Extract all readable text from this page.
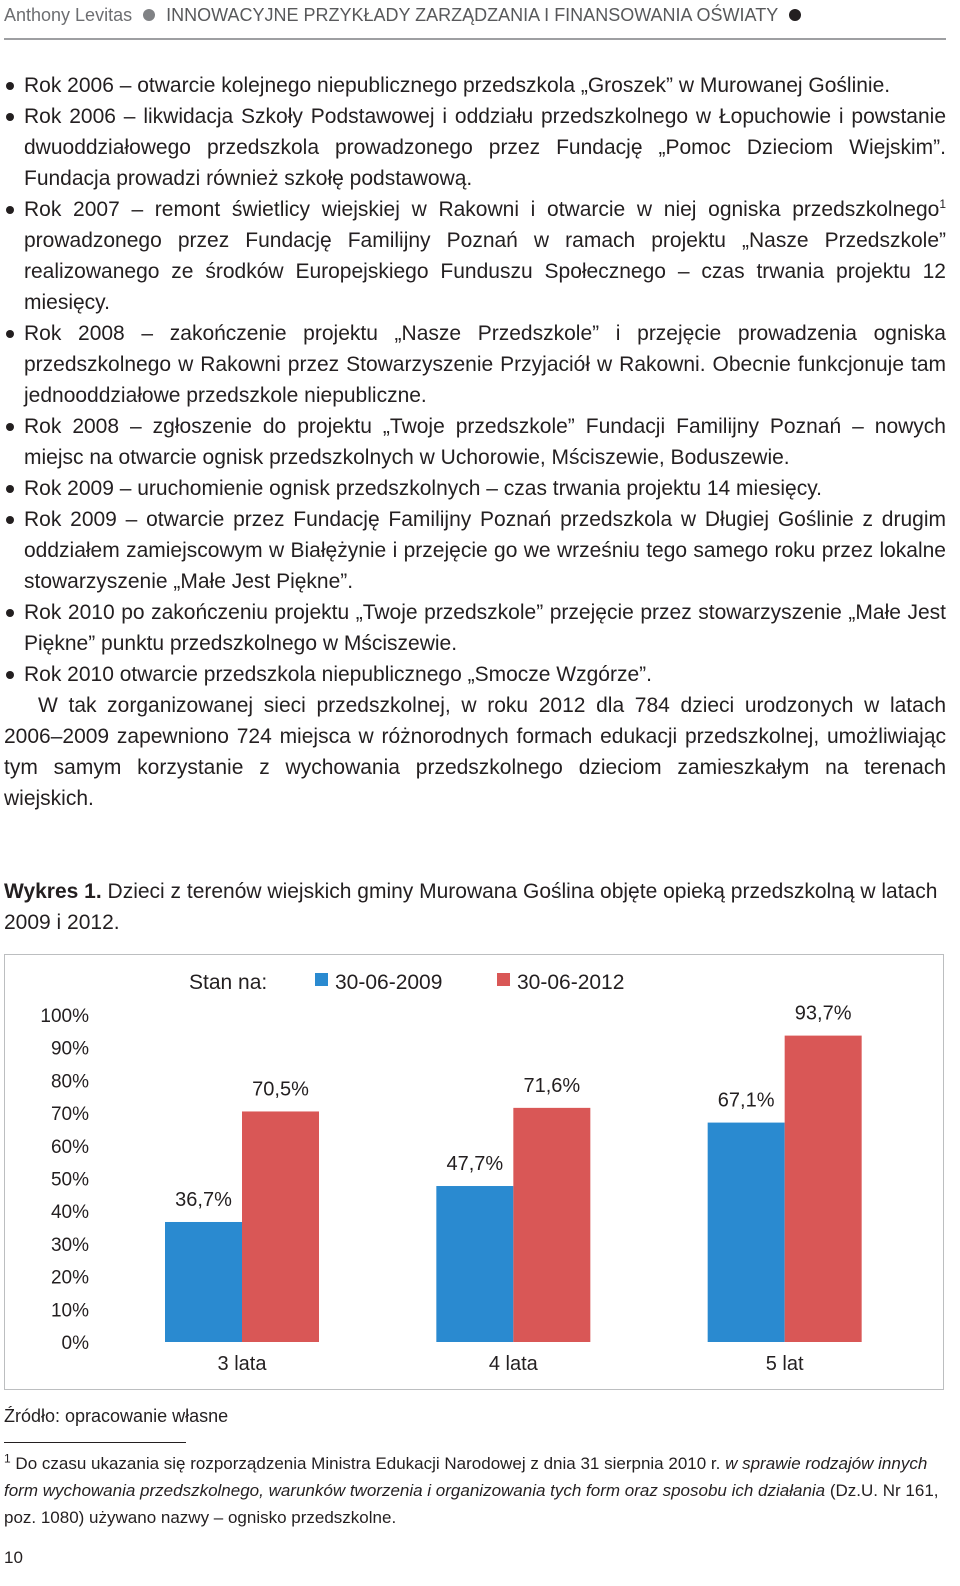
Anthony Levitas INNOWACYJNE PRZYKŁADY ZARZĄDZANIA I FINANSOWANIA OŚWIATY
Rok 2006 – otwarcie kolejnego niepublicznego przedszkola „Groszek” w Murowanej Goślinie.
Rok 2006 – likwidacja Szkoły Podstawowej i oddziału przedszkolnego w Łopuchowie i powstanie dwuoddziałowego przedszkola prowadzonego przez Fundację „Pomoc Dzieciom Wiejskim”. Fundacja prowadzi również szkołę podstawową.
Rok 2007 – remont świetlicy wiejskiej w Rakowni i otwarcie w niej ogniska przedszkolnego$^1$ prowadzonego przez Fundację Familijny Poznań w ramach projektu „Nasze Przedszkole” realizowanego ze środków Europejskiego Funduszu Społecznego – czas trwania projektu 12 miesięcy.
Rok 2008 – zakończenie projektu „Nasze Przedszkole” i przejęcie prowadzenia ogniska przedszkolnego w Rakowni przez Stowarzyszenie Przyjaciół w Rakowni. Obecnie funkcjonuje tam jednooddziałowe przedszkole niepubliczne.
Rok 2008 – zgłoszenie do projektu „Twoje przedszkole” Fundacji Familijny Poznań – nowych miejsc na otwarcie ognisk przedszkolnych w Uchorowie, Mściszewie, Boduszewie.
Rok 2009 – uruchomienie ognisk przedszkolnych – czas trwania projektu 14 miesięcy.
Rok 2009 – otwarcie przez Fundację Familijny Poznań przedszkola w Długiej Goślinie z drugim oddziałem zamiejscowym w Białężynie i przejęcie go we wrześniu tego samego roku przez lokalne stowarzyszenie „Małe Jest Piękne”.
Rok 2010 po zakończeniu projektu „Twoje przedszkole” przejęcie przez stowarzyszenie „Małe Jest Piękne” punktu przedszkolnego w Mściszewie.
Rok 2010 otwarcie przedszkola niepublicznego „Smocze Wzgórze”.

W tak zorganizowanej sieci przedszkolnej, w roku 2012 dla 784 dzieci urodzonych w latach 2006–2009 zapewniono 724 miejsca w różnorodnych formach edukacji przedszkolnej, umożliwiając tym samym korzystanie z wychowania przedszkolnego dzieciom zamieszkałym na terenach wiejskich.

Wykres 1. Dzieci z terenów wiejskich gminy Murowana Goślina objęte opieką przedszkolną w latach 2009 i 2012.
0%
10%
20%
30%
40%
50%
60%
70%
80%
90%
100%
Stan na:	30-06-2009	30-06-2012
36,7%
70,5%
3 lata
47,7%
71,6%
4 lata
67,1%
93,7%
5 lat
Źródło: opracowanie własne
$^1$ Do czasu ukazania się rozporządzenia Ministra Edukacji Narodowej z dnia 31 sierpnia 2010 r. w sprawie rodzajów innych form wychowania przedszkolnego, warunków tworzenia i organizowania tych form oraz sposobu ich działania (Dz.U. Nr 161, poz. 1080) używano nazwy – ognisko przedszkolne.
10
